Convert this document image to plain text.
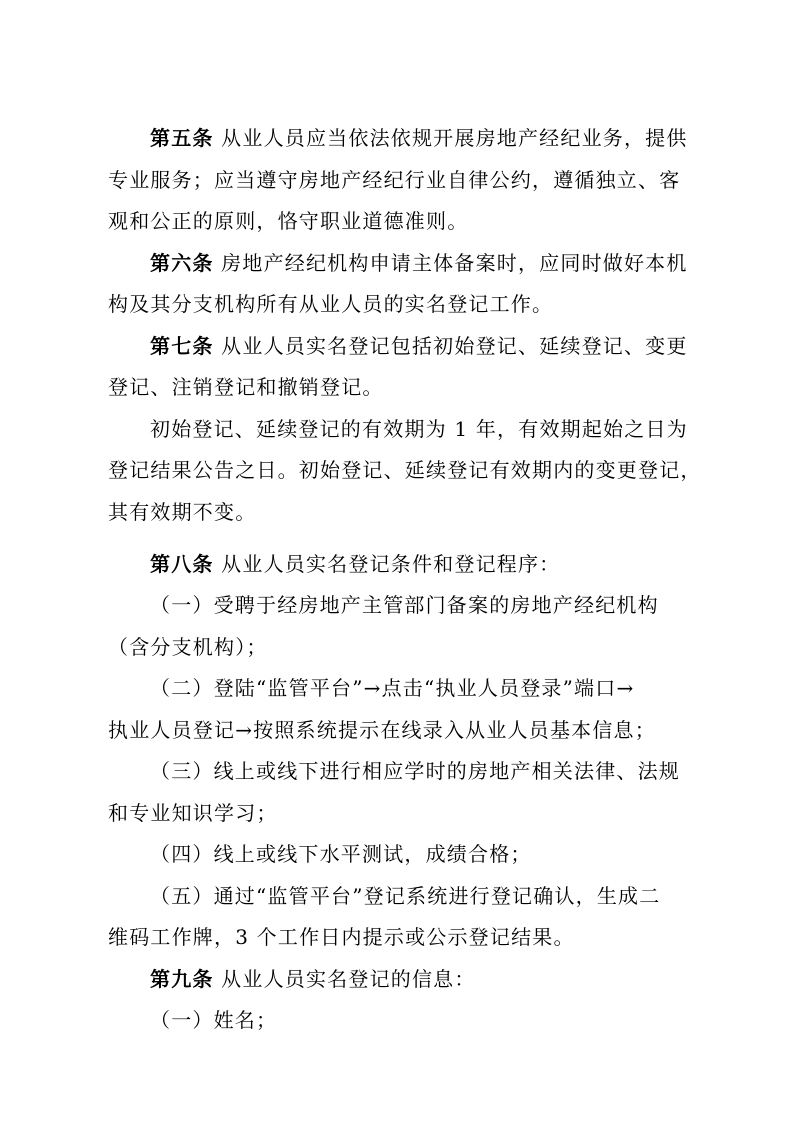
第五条 从业人员应当依法依规开展房地产经纪业务，提供
专业服务；应当遵守房地产经纪行业自律公约，遵循独立、客
观和公正的原则，恪守职业道德准则。
第六条 房地产经纪机构申请主体备案时，应同时做好本机
构及其分支机构所有从业人员的实名登记工作。
第七条 从业人员实名登记包括初始登记、延续登记、变更
登记、注销登记和撤销登记。
初始登记、延续登记的有效期为 1 年，有效期起始之日为
登记结果公告之日。初始登记、延续登记有效期内的变更登记，
其有效期不变。
第八条 从业人员实名登记条件和登记程序：
（一）受聘于经房地产主管部门备案的房地产经纪机构
（含分支机构）；
（二）登陆“监管平台”→点击“执业人员登录”端口→
执业人员登记→按照系统提示在线录入从业人员基本信息；
（三）线上或线下进行相应学时的房地产相关法律、法规
和专业知识学习；
（四）线上或线下水平测试，成绩合格；
（五）通过“监管平台”登记系统进行登记确认，生成二
维码工作牌，3 个工作日内提示或公示登记结果。
第九条 从业人员实名登记的信息：
（一）姓名；
